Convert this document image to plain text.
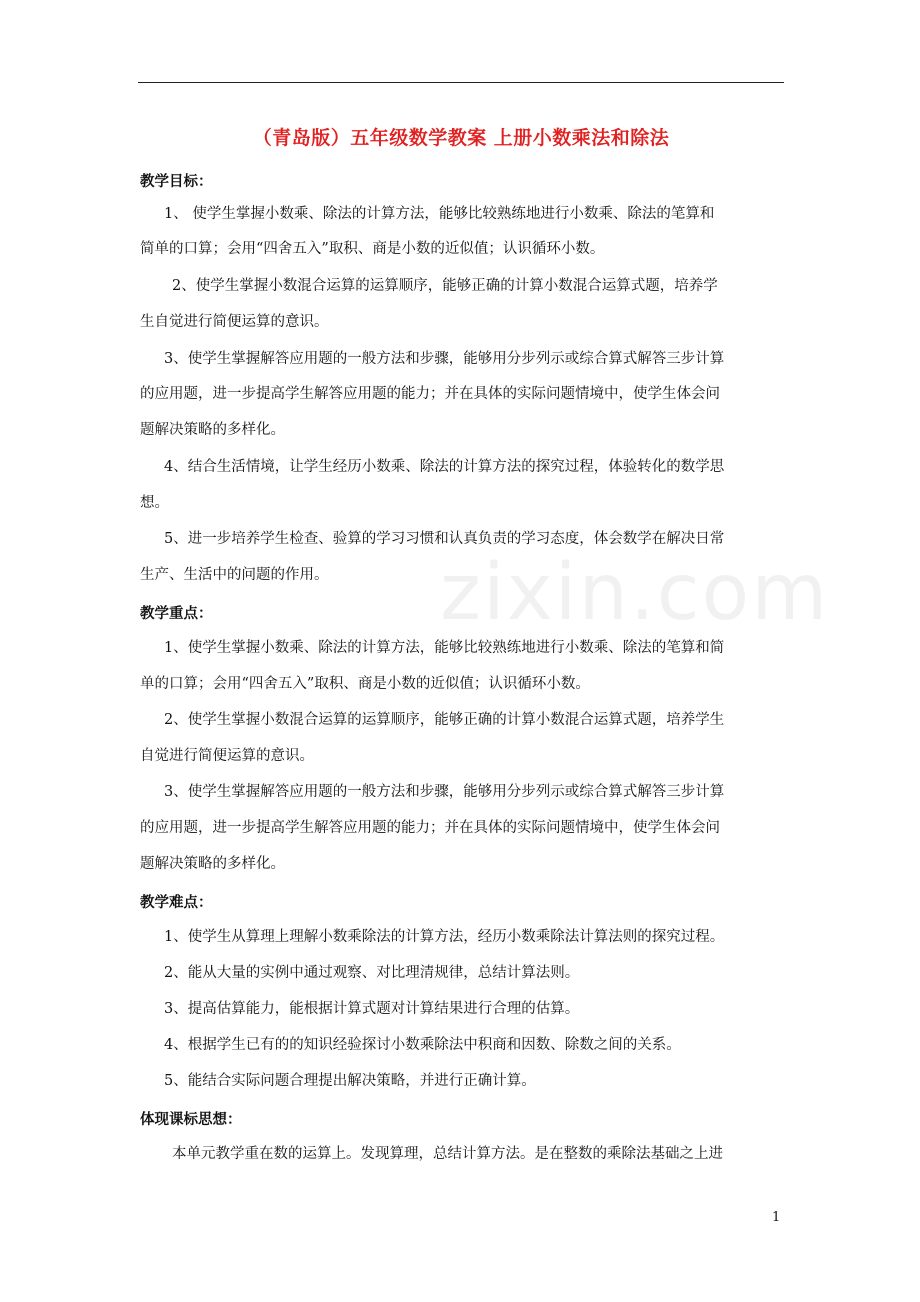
zixin.com
（青岛版）五年级数学教案 上册小数乘法和除法
教学目标：
1、 使学生掌握小数乘、除法的计算方法，能够比较熟练地进行小数乘、除法的笔算和
简单的口算；会用“四舍五入”取积、商是小数的近似值；认识循环小数。
2、使学生掌握小数混合运算的运算顺序，能够正确的计算小数混合运算式题，培养学
生自觉进行简便运算的意识。
3、使学生掌握解答应用题的一般方法和步骤，能够用分步列示或综合算式解答三步计算
的应用题，进一步提高学生解答应用题的能力；并在具体的实际问题情境中，使学生体会问
题解决策略的多样化。
4、结合生活情境，让学生经历小数乘、除法的计算方法的探究过程，体验转化的数学思
想。
5、进一步培养学生检查、验算的学习习惯和认真负责的学习态度，体会数学在解决日常
生产、生活中的问题的作用。
教学重点：
1、使学生掌握小数乘、除法的计算方法，能够比较熟练地进行小数乘、除法的笔算和简
单的口算；会用“四舍五入”取积、商是小数的近似值；认识循环小数。
2、使学生掌握小数混合运算的运算顺序，能够正确的计算小数混合运算式题，培养学生
自觉进行简便运算的意识。
3、使学生掌握解答应用题的一般方法和步骤，能够用分步列示或综合算式解答三步计算
的应用题，进一步提高学生解答应用题的能力；并在具体的实际问题情境中，使学生体会问
题解决策略的多样化。
教学难点：
1、使学生从算理上理解小数乘除法的计算方法，经历小数乘除法计算法则的探究过程。
2、能从大量的实例中通过观察、对比理清规律，总结计算法则。
3、提高估算能力，能根据计算式题对计算结果进行合理的估算。
4、根据学生已有的的知识经验探讨小数乘除法中积商和因数、除数之间的关系。
5、能结合实际问题合理提出解决策略，并进行正确计算。
体现课标思想：
本单元教学重在数的运算上。发现算理，总结计算方法。是在整数的乘除法基础之上进
1
